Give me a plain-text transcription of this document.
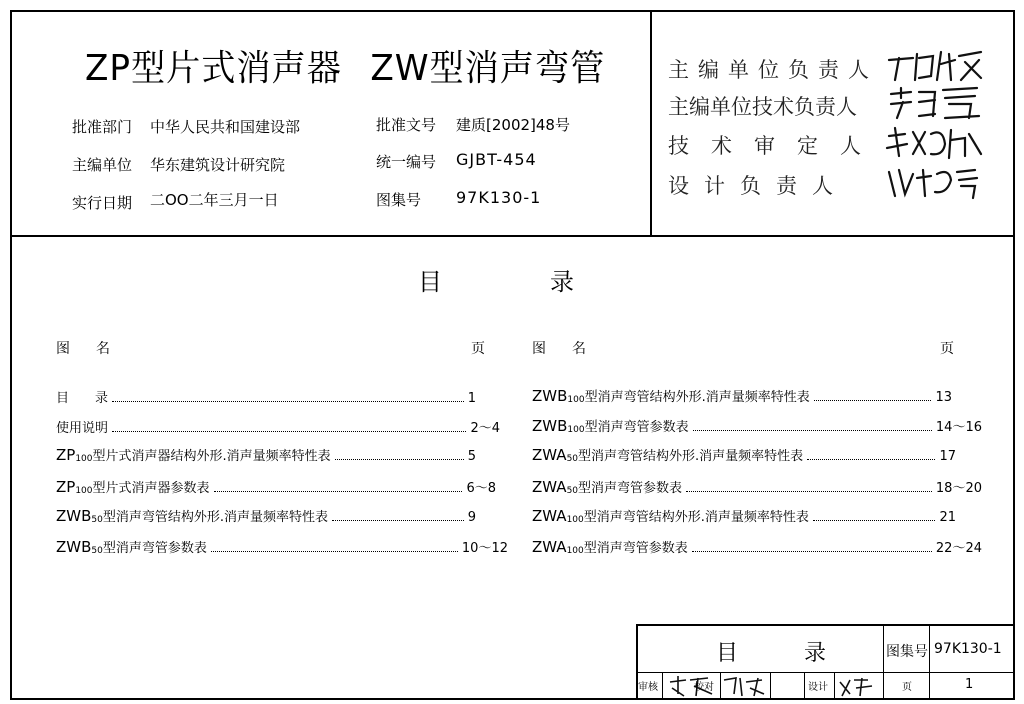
ZP型片式消声器 ZW型消声弯管
批准部门 中华人民共和国建设部	批准文号 建质[2002]48号
主编单位 华东建筑设计研究院	统一编号 GJBT-454
实行日期 二OO二年三月一日	图集号 97K130-1
主编单位负责人
主编单位技术负责人
技术审定人
设计负责人
目	录
图名	页	图名	页
目　　录	1
使用说明	2～4
$ZP_{100}$型片式消声器结构外形.消声量频率特性表	5
$ZP_{100}$型片式消声器参数表	6～8
$ZWB_{50}$型消声弯管结构外形.消声量频率特性表	9
$ZWB_{50}$型消声弯管参数表	10～12
$ZWB_{100}$型消声弯管结构外形.消声量频率特性表	13
$ZWB_{100}$型消声弯管参数表	14～16
$ZWA_{50}$型消声弯管结构外形.消声量频率特性表	17
$ZWA_{50}$型消声弯管参数表	18～20
$ZWA_{100}$型消声弯管结构外形.消声量频率特性表	21
$ZWA_{100}$型消声弯管参数表	22～24
目	录	图集号 97K130-1
审核	校对	设计	页	1
